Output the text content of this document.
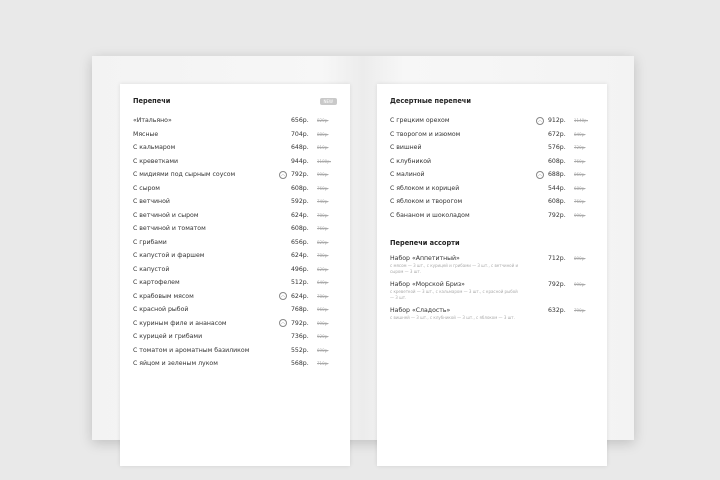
Перепечи	NEW
«Итальяно»	656р.	820р.
Мясные	704р.	880р.
С кальмаром	648р.	810р.
С креветками	944р.	1180р.
С мидиями под сырным соусом	◠	792р.	990р.
С сыром	608р.	760р.
С ветчиной	592р.	740р.
С ветчиной и сыром	624р.	780р.
С ветчиной и томатом	608р.	760р.
С грибами	656р.	820р.
С капустой и фаршем	624р.	780р.
С капустой	496р.	620р.
С картофелем	512р.	640р.
С крабовым мясом	◠	624р.	780р.
С красной рыбой	768р.	960р.
С куриным филе и ананасом	◠	792р.	990р.
С курицей и грибами	736р.	920р.
С томатом и ароматным базиликом	552р.	690р.
С яйцом и зеленым луком	568р.	710р.
Десертные перепечи
С грецким орехом	◠	912р.	1140р.
С творогом и изюмом	672р.	840р.
С вишней	576р.	720р.
С клубникой	608р.	760р.
С малиной	◠	688р.	860р.
С яблоком и корицей	544р.	680р.
С яблоком и творогом	608р.	760р.
С бананом и шоколадом	792р.	990р.
Перепечи ассорти
Набор «Аппетитный»	712р.	890р.
с мясом — 3 шт., с курицей и грибами — 3 шт., с ветчиной и сыром — 3 шт.
Набор «Морской Бриз»	792р.	990р.
с креветкой — 3 шт., с кальмаром — 3 шт., с красной рыбой — 3 шт.
Набор «Сладость»	632р.	790р.
с вишней — 3 шт., с клубникой — 3 шт., с яблоком — 3 шт.
